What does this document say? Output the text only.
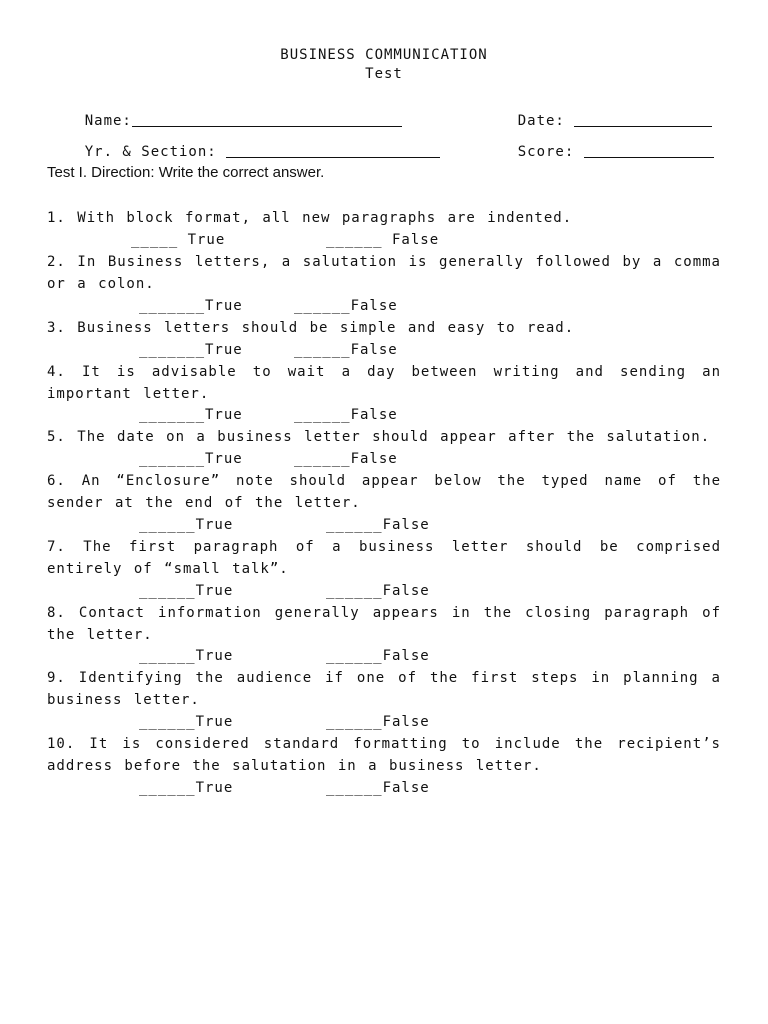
BUSINESS COMMUNICATION
Test

Name:
	Date:

Yr. & Section:
	Score:

Test I. Direction: Write the correct answer.
1. With block format, all new paragraphs are indented.
_____ True	______ False
2. In Business letters, a salutation is generally followed by a comma or a colon.
_______True	______False
3. Business letters should be simple and easy to read.
_______True	______False
4. It is advisable to wait a day between writing and sending an important letter.
_______True	______False
5. The date on a business letter should appear after the salutation.
_______True	______False
6. An “Enclosure” note should appear below the typed name of the sender at the end of the letter.
______True	______False
7. The first paragraph of a business letter should be comprised entirely of “small talk”.
______True	______False
8. Contact information generally appears in the closing paragraph of the letter.
______True	______False
9. Identifying the audience if one of the first steps in planning a business letter.
______True	______False
10. It is considered standard formatting to include the recipient’s address before the salutation in a business letter.
______True	______False
